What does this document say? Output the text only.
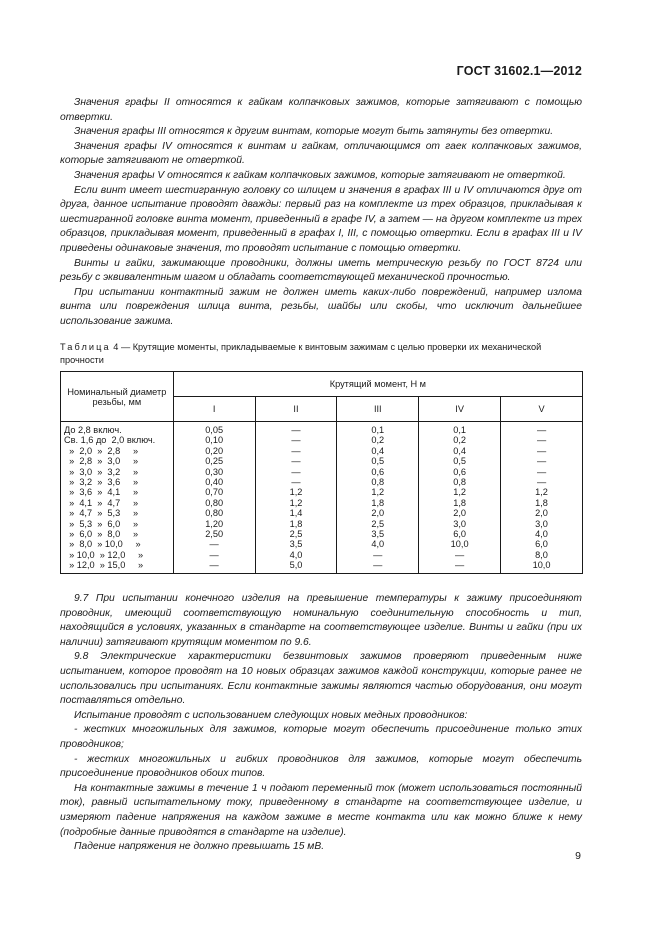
ГОСТ 31602.1—2012

Значения графы II относятся к гайкам колпачковых зажимов, которые затягивают с помощью отвертки.

Значения графы III относятся к другим винтам, которые могут быть затянуты без отвертки.

Значения графы IV относятся к винтам и гайкам, отличающимся от гаек колпачковых зажимов, которые затягивают не отверткой.

Значения графы V относятся к гайкам колпачковых зажимов, которые затягивают не отверткой.

Если винт имеет шестигранную головку со шлицем и значения в графах III и IV отличаются друг от друга, данное испытание проводят дважды: первый раз на комплекте из трех образцов, прикладывая к шестигранной головке винта момент, приведенный в графе IV, а затем — на другом комплекте из трех образцов, прикладывая момент, приведенный в графах I, III, с помощью отвертки. Если в графах III и IV приведены одинаковые значения, то проводят испытание с помощью отвертки.

Винты и гайки, зажимающие проводники, должны иметь метрическую резьбу по ГОСТ 8724 или резьбу с эквивалентным шагом и обладать соответствующей механической прочностью.

При испытании контактный зажим не должен иметь каких-либо повреждений, например излома винта или повреждения шлица винта, резьбы, шайбы или скобы, что исключит дальнейшее использование зажима.

Таблица 4 — Крутящие моменты, прикладываемые к винтовым зажимам с целью проверки их механической прочности
Номинальный диаметр резьбы, мм	Крутящий момент, Н м				
	I	II	III	IV	V
До 2,8 включ.	0,05	—	0,1	0,1	—
Св. 1,6 до  2,0 включ.	0,10	—	0,2	0,2	—
»  2,0  »  2,8     »	0,20	—	0,4	0,4	—
»  2,8  »  3,0     »	0,25	—	0,5	0,5	—
»  3,0  »  3,2     »	0,30	—	0,6	0,6	—
»  3,2  »  3,6     »	0,40	—	0,8	0,8	—
»  3,6  »  4,1     »	0,70	1,2	1,2	1,2	1,2
»  4,1  »  4,7     »	0,80	1,2	1,8	1,8	1,8
»  4,7  »  5,3     »	0,80	1,4	2,0	2,0	2,0
»  5,3  »  6,0     »	1,20	1,8	2,5	3,0	3,0
»  6,0  »  8,0     »	2,50	2,5	3,5	6,0	4,0
»  8,0  » 10,0     »	—	3,5	4,0	10,0	6,0
» 10,0  » 12,0     »	—	4,0	—	—	8,0
» 12,0  » 15,0     »	—	5,0	—	—	10,0

9.7 При испытании конечного изделия на превышение температуры к зажиму присоединяют проводник, имеющий соответствующую номинальную соединительную способность и тип, находящийся в условиях, указанных в стандарте на соответствующее изделие. Винты и гайки (при их наличии) затягивают крутящим моментом по 9.6.

9.8 Электрические характеристики безвинтовых зажимов проверяют приведенным ниже испытанием, которое проводят на 10 новых образцах зажимов каждой конструкции, которые ранее не использовались при испытаниях. Если контактные зажимы являются частью оборудования, они могут поставляться отдельно.

Испытание проводят с использованием следующих новых медных проводников:

- жестких многожильных для зажимов, которые могут обеспечить присоединение только этих проводников;

- жестких многожильных и гибких проводников для зажимов, которые могут обеспечить присоединение проводников обоих типов.

На контактные зажимы в течение 1 ч подают переменный ток (может использоваться постоянный ток), равный испытательному току, приведенному в стандарте на соответствующее изделие, и измеряют падение напряжения на каждом зажиме в месте контакта или как можно ближе к нему (подробные данные приводятся в стандарте на изделие).

Падение напряжения не должно превышать 15 мВ.

9
